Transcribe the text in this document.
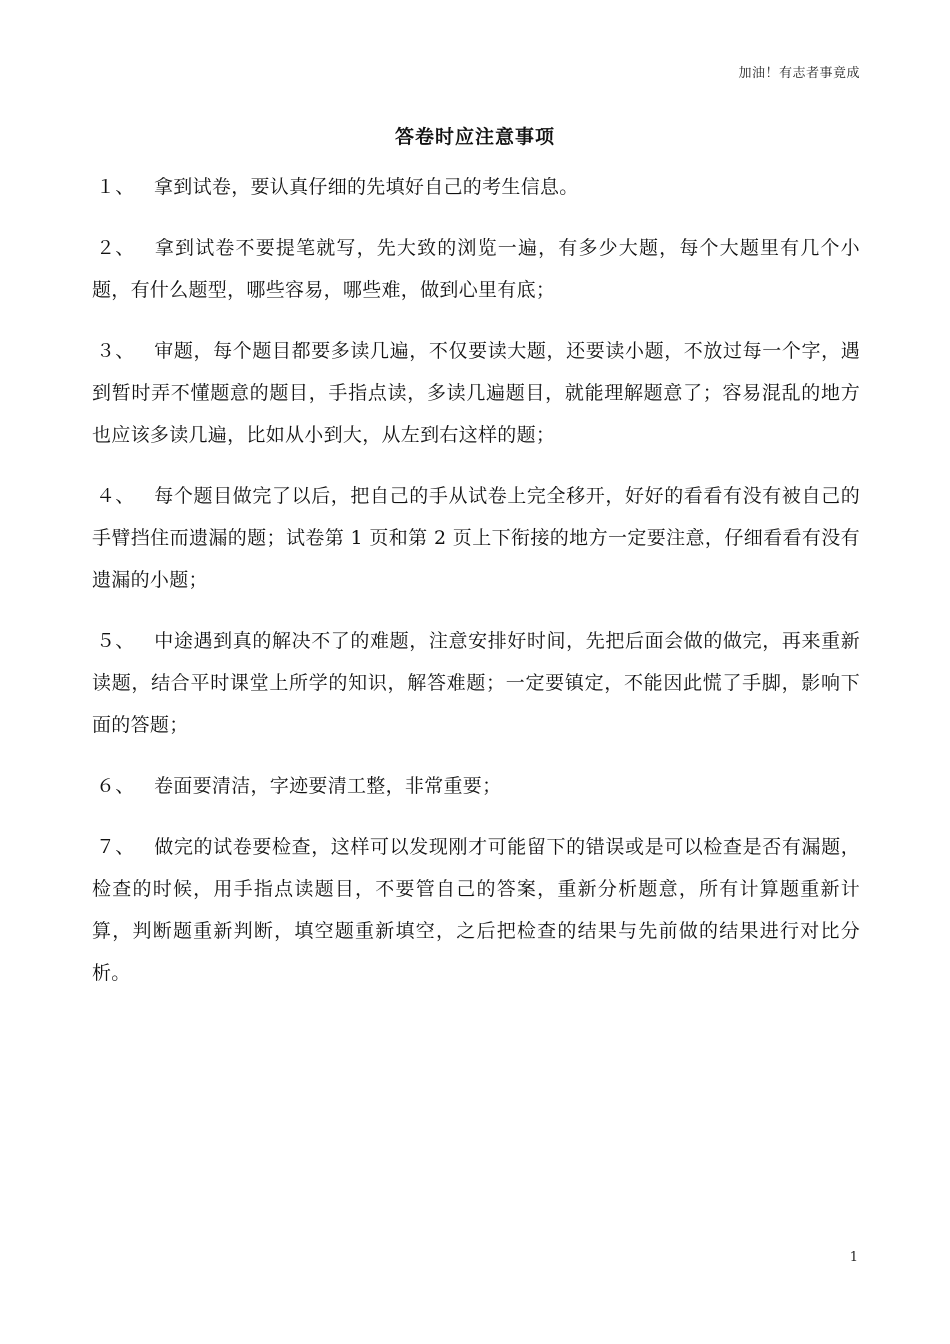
加油！有志者事竟成
答卷时应注意事项

１、 拿到试卷，要认真仔细的先填好自己的考生信息。

２、 拿到试卷不要提笔就写，先大致的浏览一遍，有多少大题，每个大题里有几个小题，有什么题型，哪些容易，哪些难，做到心里有底；

３、 审题，每个题目都要多读几遍，不仅要读大题，还要读小题，不放过每一个字，遇到暂时弄不懂题意的题目，手指点读，多读几遍题目，就能理解题意了；容易混乱的地方也应该多读几遍，比如从小到大，从左到右这样的题；

４、 每个题目做完了以后，把自己的手从试卷上完全移开，好好的看看有没有被自己的手臂挡住而遗漏的题；试卷第 1 页和第 2 页上下衔接的地方一定要注意，仔细看看有没有遗漏的小题；

５、 中途遇到真的解决不了的难题，注意安排好时间，先把后面会做的做完，再来重新读题，结合平时课堂上所学的知识，解答难题；一定要镇定，不能因此慌了手脚，影响下面的答题；

６、 卷面要清洁，字迹要清工整，非常重要；

７、 做完的试卷要检查，这样可以发现刚才可能留下的错误或是可以检查是否有漏题，检查的时候，用手指点读题目，不要管自己的答案，重新分析题意，所有计算题重新计算，判断题重新判断，填空题重新填空，之后把检查的结果与先前做的结果进行对比分析。

1
